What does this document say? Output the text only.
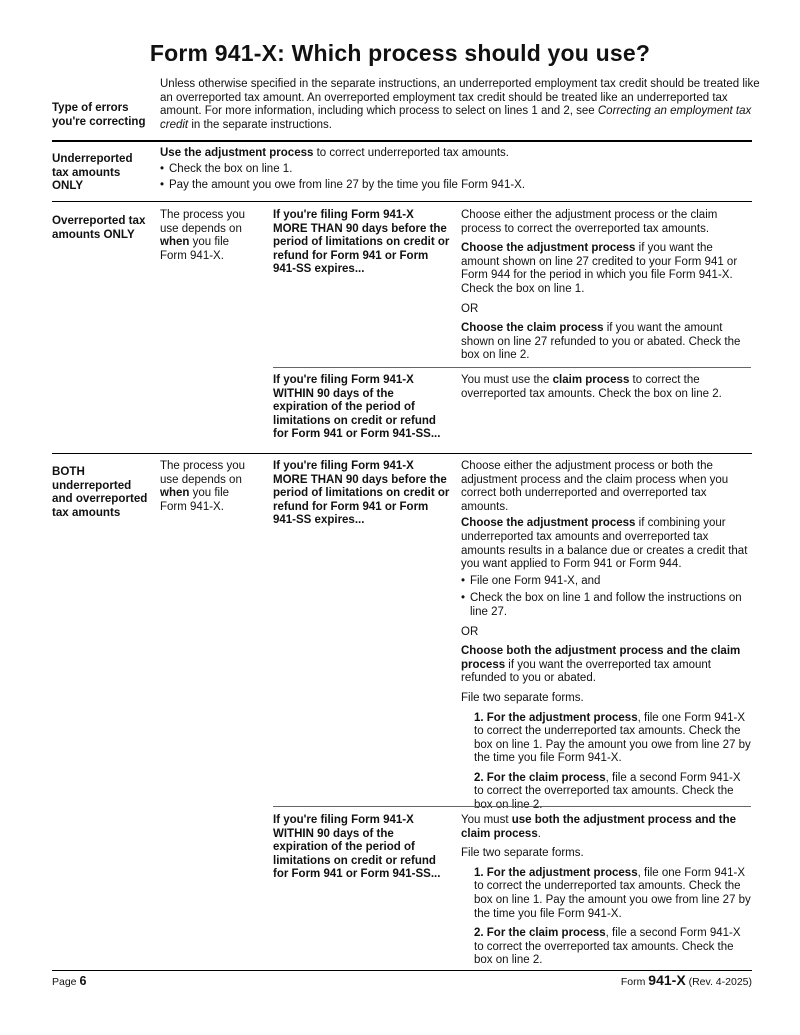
Form 941-X: Which process should you use?
Type of errors you're correcting
Unless otherwise specified in the separate instructions, an underreported employment tax credit should be treated like an overreported tax amount. An overreported employment tax credit should be treated like an underreported tax amount. For more information, including which process to select on lines 1 and 2, see Correcting an employment tax credit in the separate instructions.
Underreported tax amounts ONLY
Use the adjustment process to correct underreported tax amounts.
• Check the box on line 1.
• Pay the amount you owe from line 27 by the time you file Form 941-X.
Overreported tax amounts ONLY
The process you use depends on when you file Form 941-X.
If you're filing Form 941-X MORE THAN 90 days before the period of limitations on credit or refund for Form 941 or Form 941-SS expires...
Choose either the adjustment process or the claim process to correct the overreported tax amounts.
Choose the adjustment process if you want the amount shown on line 27 credited to your Form 941 or Form 944 for the period in which you file Form 941-X. Check the box on line 1.
OR
Choose the claim process if you want the amount shown on line 27 refunded to you or abated. Check the box on line 2.
If you're filing Form 941-X WITHIN 90 days of the expiration of the period of limitations on credit or refund for Form 941 or Form 941-SS...
You must use the claim process to correct the overreported tax amounts. Check the box on line 2.
BOTH underreported and overreported tax amounts
The process you use depends on when you file Form 941-X.
If you're filing Form 941-X MORE THAN 90 days before the period of limitations on credit or refund for Form 941 or Form 941-SS expires...
Choose either the adjustment process or both the adjustment process and the claim process when you correct both underreported and overreported tax amounts.
Choose the adjustment process if combining your underreported tax amounts and overreported tax amounts results in a balance due or creates a credit that you want applied to Form 941 or Form 944.
• File one Form 941-X, and
• Check the box on line 1 and follow the instructions on line 27.
OR
Choose both the adjustment process and the claim process if you want the overreported tax amount refunded to you or abated.
File two separate forms.
1. For the adjustment process, file one Form 941-X to correct the underreported tax amounts. Check the box on line 1. Pay the amount you owe from line 27 by the time you file Form 941-X.
2. For the claim process, file a second Form 941-X to correct the overreported tax amounts. Check the
If you're filing Form 941-X WITHIN 90 days of the expiration of the period of limitations on credit or refund for Form 941 or Form 941-SS...
You must use both the adjustment process and the claim process.
File two separate forms.
1. For the adjustment process, file one Form 941-X to correct the underreported tax amounts. Check the box on line 1. Pay the amount you owe from line 27 by the time you file Form 941-X.
2. For the claim process, file a second Form 941-X to correct the overreported tax amounts. Check the box on line 2.
Page 6	Form 941-X (Rev. 4-2025)
